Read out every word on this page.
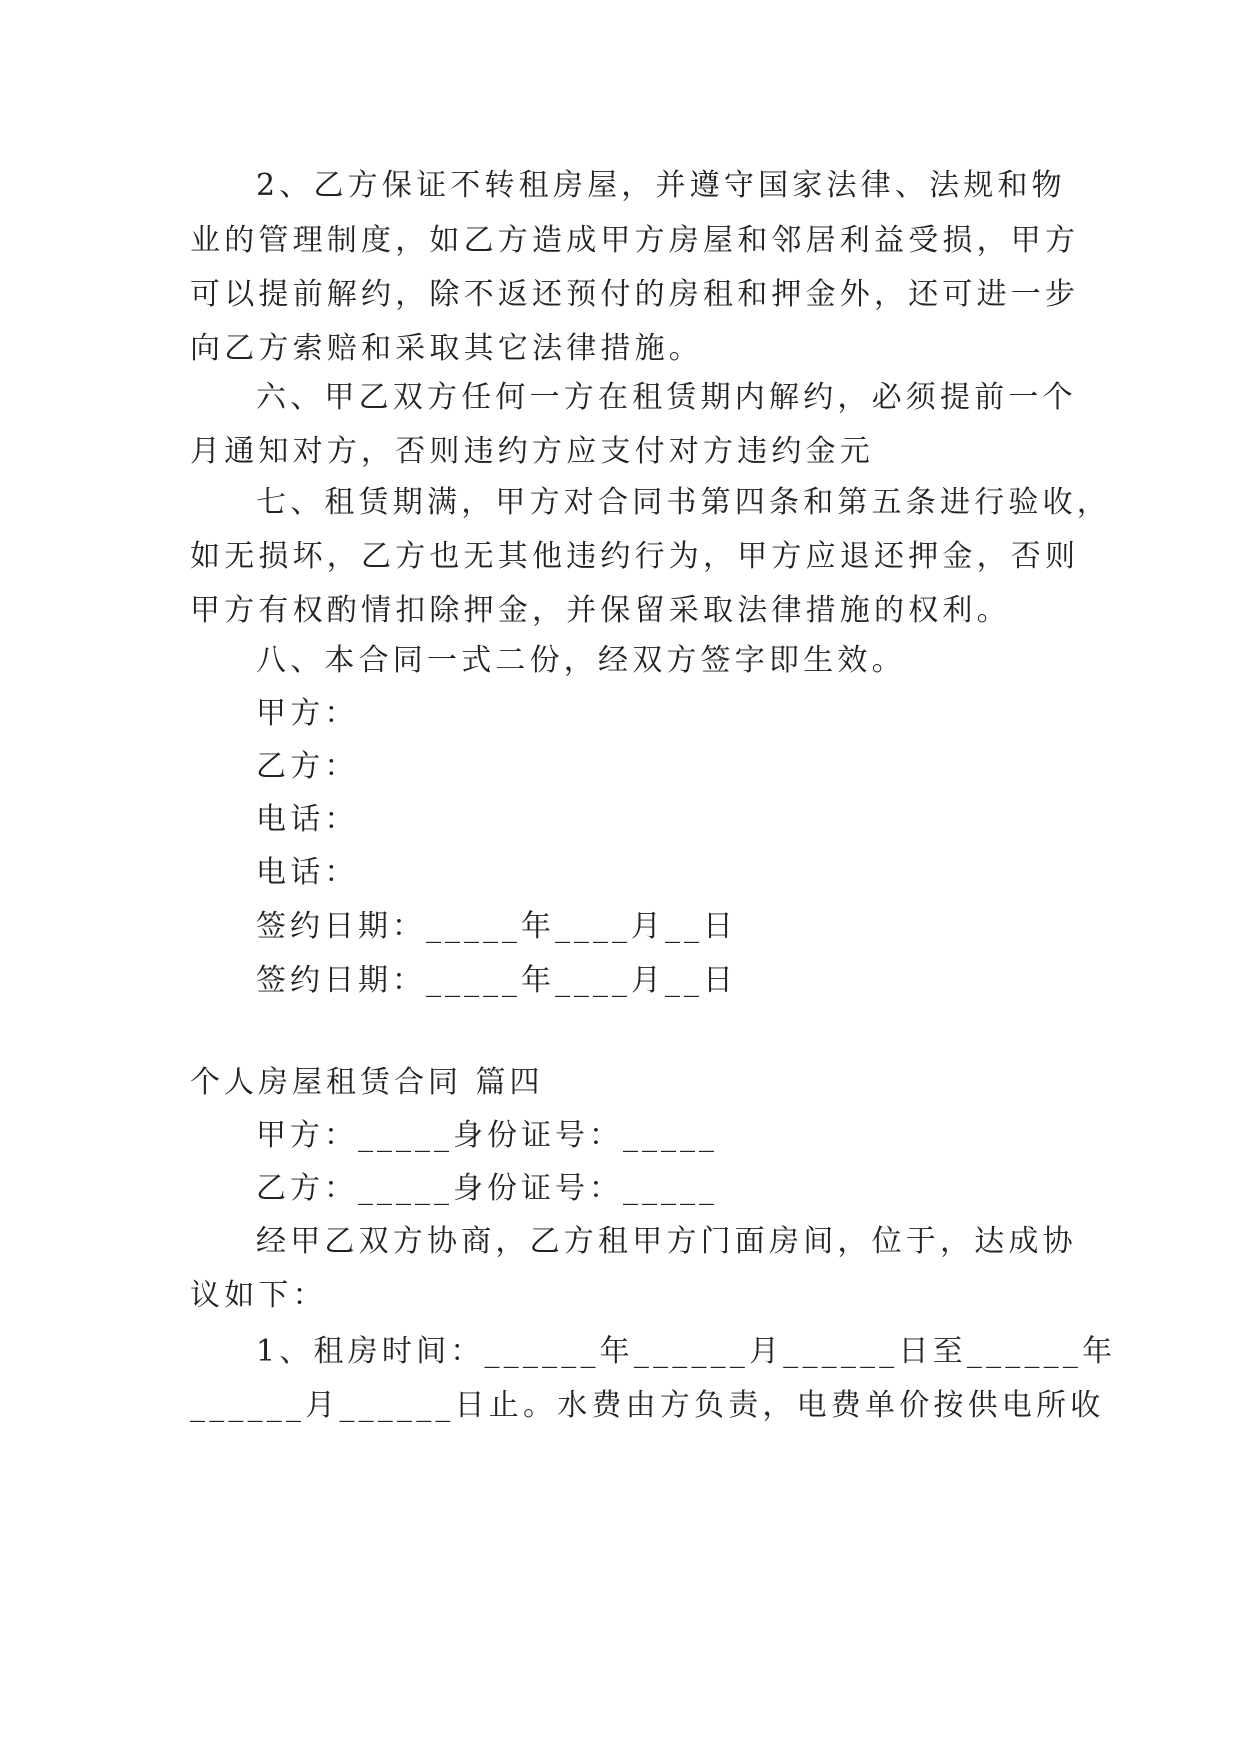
2、乙方保证不转租房屋，并遵守国家法律、法规和物

业的管理制度，如乙方造成甲方房屋和邻居利益受损，甲方

可以提前解约，除不返还预付的房租和押金外，还可进一步

向乙方索赔和采取其它法律措施。

六、甲乙双方任何一方在租赁期内解约，必须提前一个

月通知对方，否则违约方应支付对方违约金元

七、租赁期满，甲方对合同书第四条和第五条进行验收，

如无损坏，乙方也无其他违约行为，甲方应退还押金，否则

甲方有权酌情扣除押金，并保留采取法律措施的权利。

八、本合同一式二份，经双方签字即生效。

甲方：

乙方：

电话：

电话：

签约日期：_____年____月__日

签约日期：_____年____月__日

个人房屋租赁合同 篇四

甲方：_____身份证号：_____

乙方：_____身份证号：_____

经甲乙双方协商，乙方租甲方门面房间，位于，达成协

议如下：

1、租房时间：______年______月______日至______年

______月______日止。水费由方负责，电费单价按供电所收
